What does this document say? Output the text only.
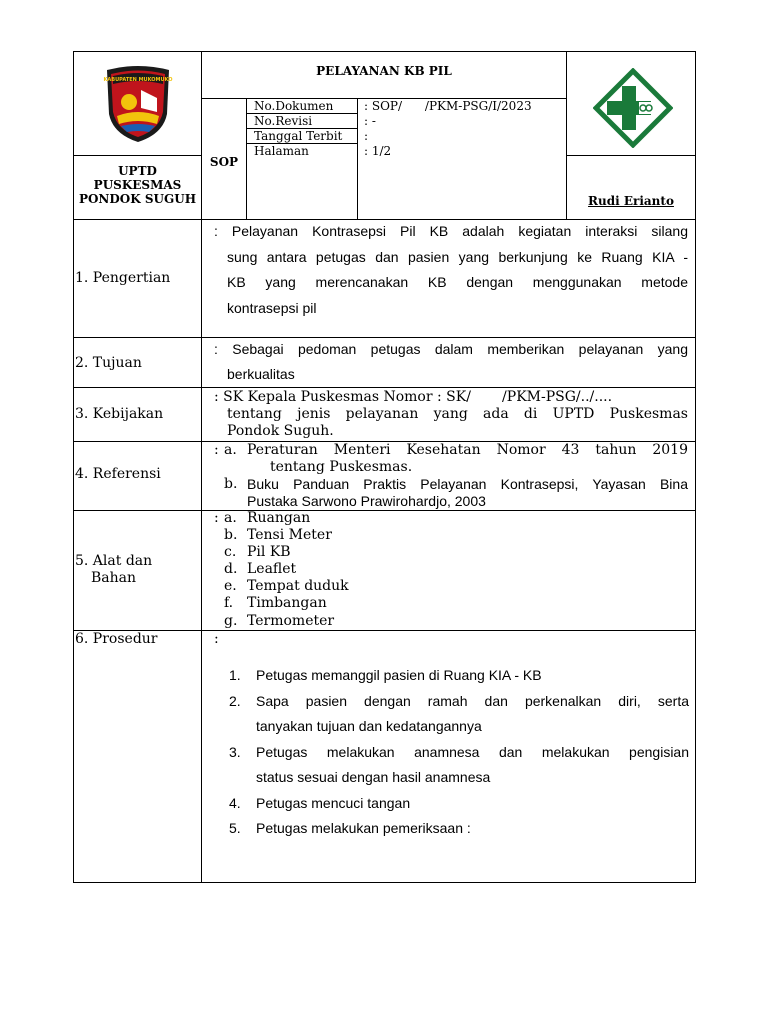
KABUPATEN MUKOMUKO
PELAYANAN KB PIL
UPTD
PUSKESMAS
PONDOK SUGUH
SOP
No.Dokumen
No.Revisi
Tanggal Terbit
Halaman
: SOP/      /PKM-PSG/I/2023
: -
:
: 1/2
Rudi Erianto
1. Pengertian
: Pelayanan Kontrasepsi Pil KB adalah kegiatan interaksi silang
sung antara petugas dan pasien yang berkunjung ke Ruang KIA -
KB yang merencanakan KB dengan menggunakan metode
kontrasepsi pil
2. Tujuan
: Sebagai pedoman petugas dalam memberikan pelayanan yang
berkualitas
3. Kebijakan
: SK Kepala Puskesmas Nomor : SK/       /PKM-PSG/../....
tentang jenis pelayanan yang ada di UPTD Puskesmas
Pondok Suguh.
4. Referensi
: a. Peraturan Menteri Kesehatan Nomor 43 tahun 2019
tentang Puskesmas.
b. Buku Panduan Praktis Pelayanan Kontrasepsi, Yayasan Bina
Pustaka Sarwono Prawirohardjo, 2003
5. Alat dan
Bahan
: a. Ruangan
b. Tensi Meter
c. Pil KB
d. Leaflet
e. Tempat duduk
f. Timbangan
g. Termometer
6. Prosedur	:
1. Petugas memanggil pasien di Ruang KIA - KB
2. Sapa pasien dengan ramah dan perkenalkan diri, serta
tanyakan tujuan dan kedatangannya
3. Petugas melakukan anamnesa dan melakukan pengisian
status sesuai dengan hasil anamnesa
4. Petugas mencuci tangan
5. Petugas melakukan pemeriksaan :
